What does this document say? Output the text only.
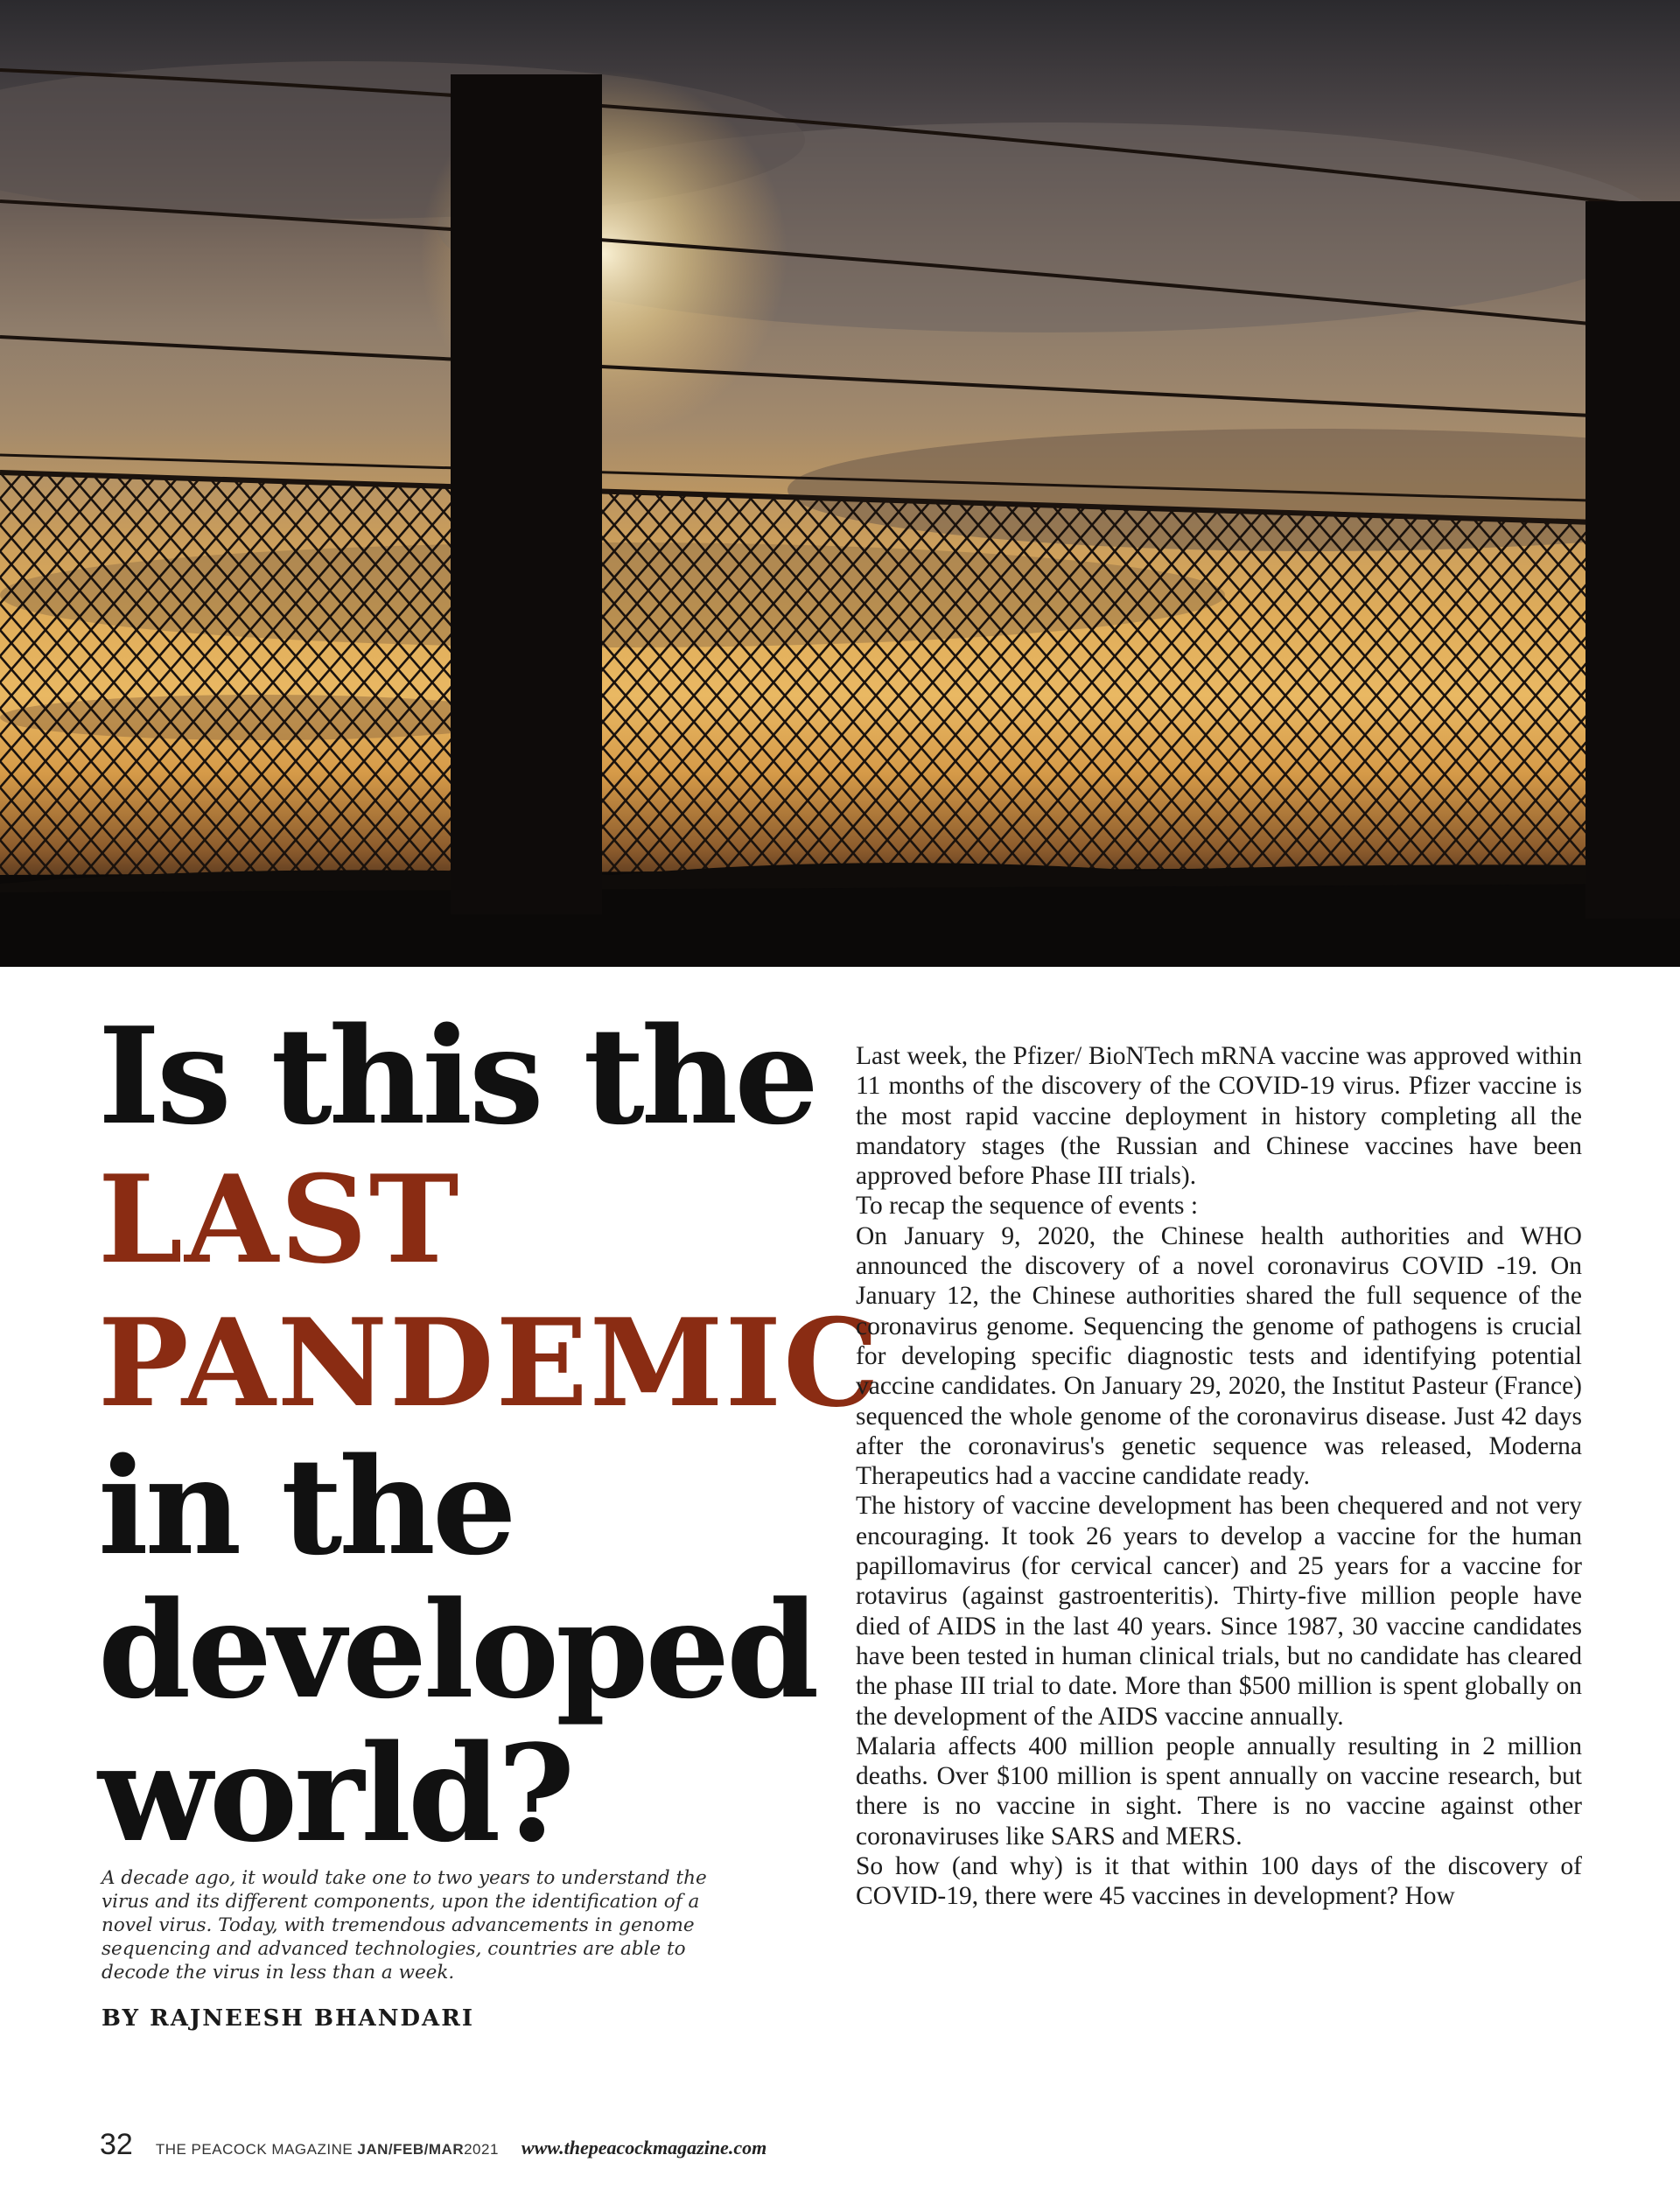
Is this the
LAST
PANDEMIC
in the
developed
world?

A decade ago, it would take one to two years to understand the virus and its different components, upon the identification of a novel virus. Today, with tremendous advancements in genome sequencing and advanced technologies, countries are able to decode the virus in less than a week.

BY RAJNEESH BHANDARI

Last week, the Pfizer/ BioNTech mRNA vaccine was approved within 11 months of the discovery of the COVID-19 virus. Pfizer vaccine is the most rapid vaccine deployment in history completing all the mandatory stages (the Russian and Chinese vaccines have been approved before Phase III trials).

To recap the sequence of events :

On January 9, 2020, the Chinese health authorities and WHO announced the discovery of a novel coronavirus COVID -19. On January 12, the Chinese authorities shared the full sequence of the coronavirus genome. Sequencing the genome of pathogens is crucial for developing specific diagnostic tests and identifying potential vaccine candidates. On January 29, 2020, the Institut Pasteur (France) sequenced the whole genome of the coronavirus disease. Just 42 days after the coronavirus's genetic sequence was released, Moderna Therapeutics had a vaccine candidate ready.

The history of vaccine development has been chequered and not very encouraging. It took 26 years to develop a vaccine for the human papillomavirus (for cervical cancer) and 25 years for a vaccine for rotavirus (against gastroenteritis). Thirty-five million people have died of AIDS in the last 40 years. Since 1987, 30 vaccine candidates have been tested in human clinical trials, but no candidate has cleared the phase III trial to date. More than $500 million is spent globally on the development of the AIDS vaccine annually.

Malaria affects 400 million people annually resulting in 2 million deaths. Over $100 million is spent annually on vaccine research, but there is no vaccine in sight. There is no vaccine against other coronaviruses like SARS and MERS.

So how (and why) is it that within 100 days of the discovery of COVID-19, there were 45 vaccines in development? How

32 THE PEACOCK MAGAZINE JAN/FEB/MAR2021 www.thepeacockmagazine.com
